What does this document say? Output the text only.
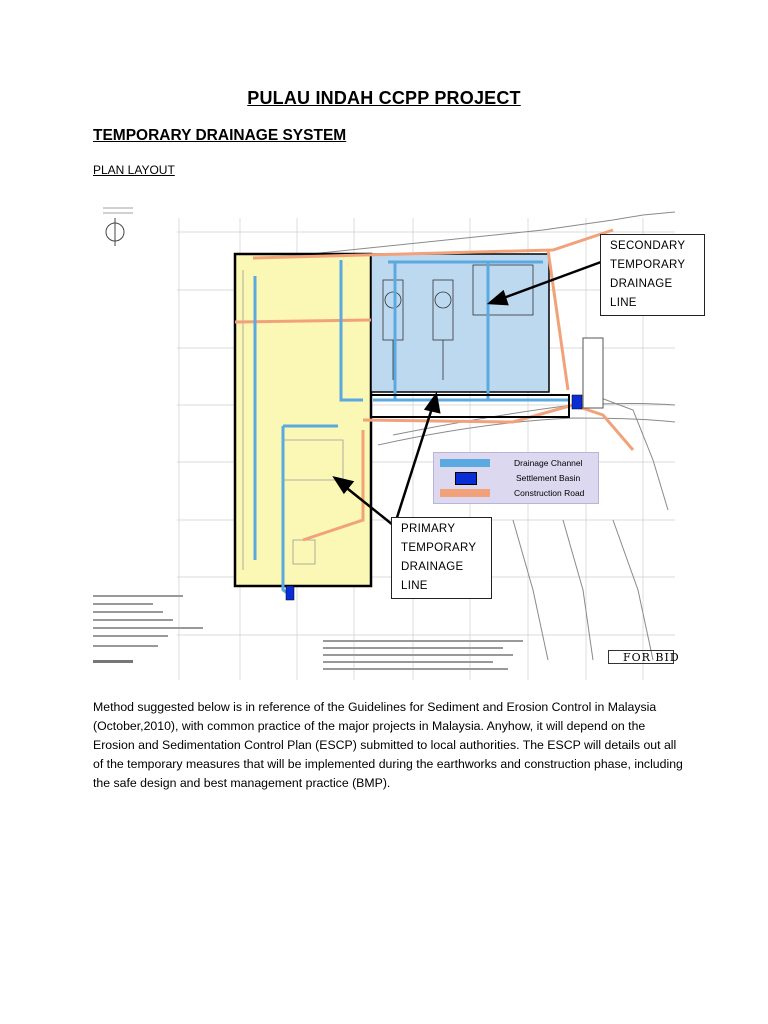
PULAU INDAH CCPP PROJECT
TEMPORARY DRAINAGE SYSTEM
PLAN LAYOUT
SECONDARY
TEMPORARY
DRAINAGE
LINE
PRIMARY
TEMPORARY
DRAINAGE
LINE
Drainage Channel
Settlement Basin
Construction Road
FOR BID
Method suggested below is in reference of the Guidelines for Sediment and Erosion Control in Malaysia (October,2010), with common practice of the major projects in Malaysia. Anyhow, it will depend on the Erosion and Sedimentation Control Plan (ESCP) submitted to local authorities. The ESCP will details out all of the temporary measures that will be implemented during the earthworks and construction phase, including the safe design and best management practice (BMP).
